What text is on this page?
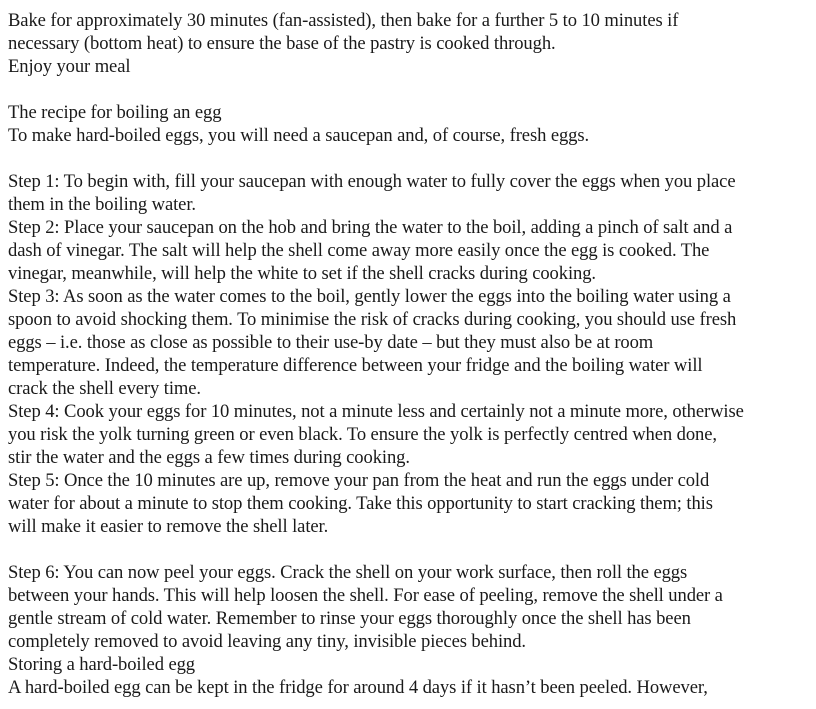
Bake for approximately 30 minutes (fan-assisted), then bake for a further 5 to 10 minutes if

necessary (bottom heat) to ensure the base of the pastry is cooked through.

Enjoy your meal

The recipe for boiling an egg

To make hard-boiled eggs, you will need a saucepan and, of course, fresh eggs.

Step 1: To begin with, fill your saucepan with enough water to fully cover the eggs when you place

them in the boiling water.

Step 2: Place your saucepan on the hob and bring the water to the boil, adding a pinch of salt and a

dash of vinegar. The salt will help the shell come away more easily once the egg is cooked. The

vinegar, meanwhile, will help the white to set if the shell cracks during cooking.

Step 3: As soon as the water comes to the boil, gently lower the eggs into the boiling water using a

spoon to avoid shocking them. To minimise the risk of cracks during cooking, you should use fresh

eggs – i.e. those as close as possible to their use-by date – but they must also be at room

temperature. Indeed, the temperature difference between your fridge and the boiling water will

crack the shell every time.

Step 4: Cook your eggs for 10 minutes, not a minute less and certainly not a minute more, otherwise

you risk the yolk turning green or even black. To ensure the yolk is perfectly centred when done,

stir the water and the eggs a few times during cooking.

Step 5: Once the 10 minutes are up, remove your pan from the heat and run the eggs under cold

water for about a minute to stop them cooking. Take this opportunity to start cracking them; this

will make it easier to remove the shell later.

Step 6: You can now peel your eggs. Crack the shell on your work surface, then roll the eggs

between your hands. This will help loosen the shell. For ease of peeling, remove the shell under a

gentle stream of cold water. Remember to rinse your eggs thoroughly once the shell has been

completely removed to avoid leaving any tiny, invisible pieces behind.

Storing a hard-boiled egg

A hard-boiled egg can be kept in the fridge for around 4 days if it hasn’t been peeled. However,
